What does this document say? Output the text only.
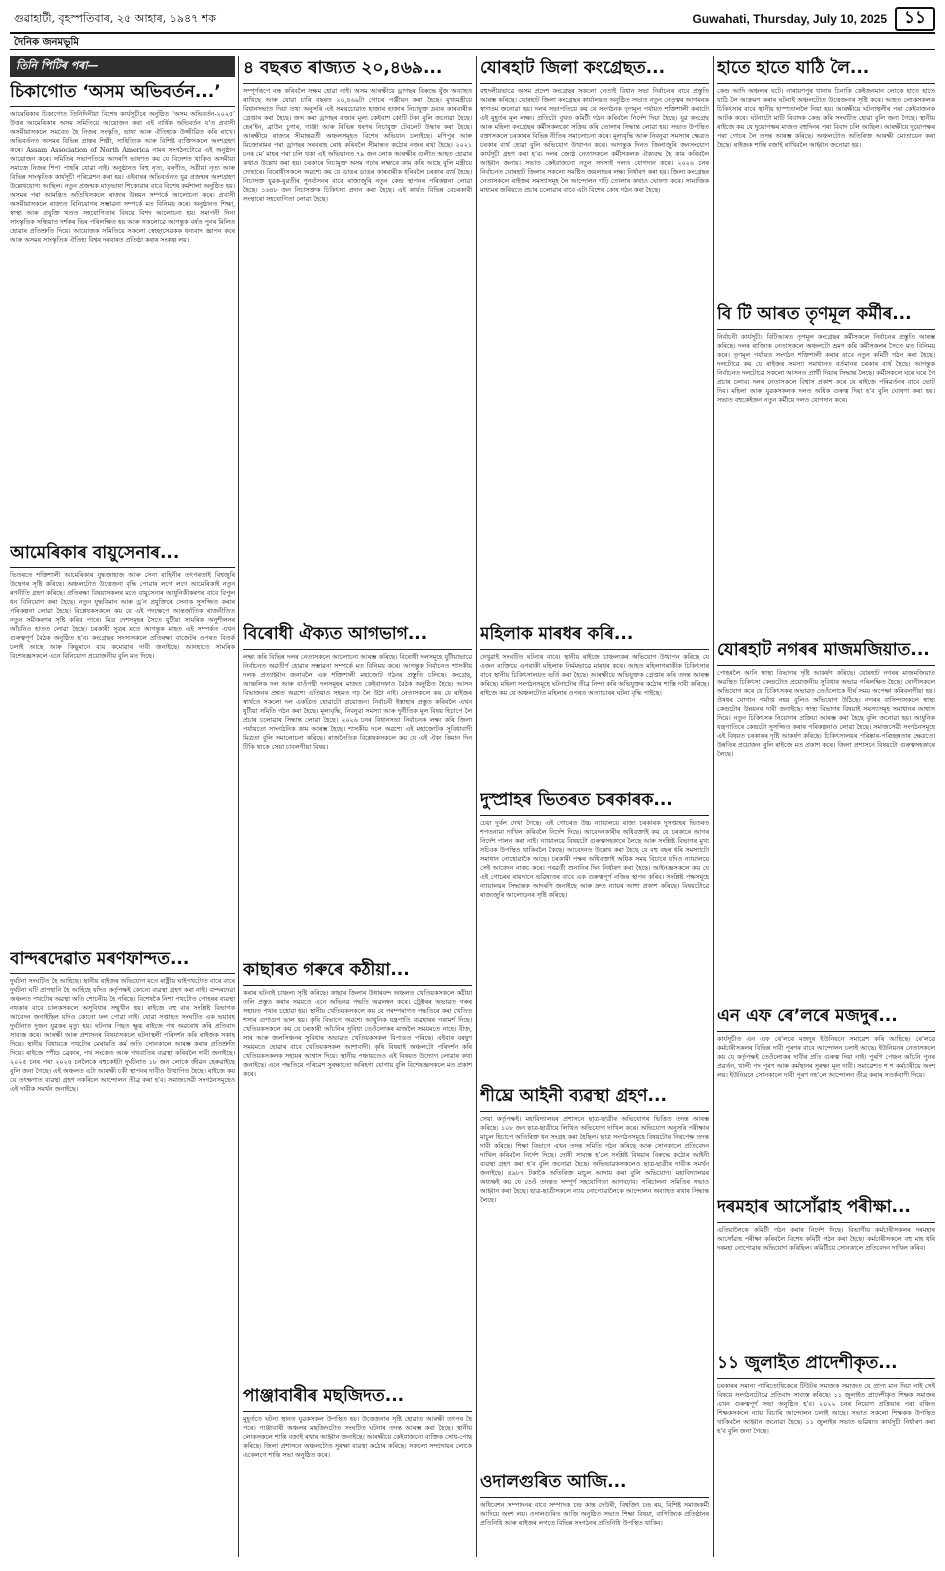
গুৱাহাটী, বৃহস্পতিবাৰ, ২৫ আহাৰ, ১৯৪৭ শক	Guwahati, Thursday, July 10, 2025 ১১
দৈনিক জনমভূমি
তিনি পিটিৰ পৰা—
চিকাগোত ‘অসম অভিবৰ্তন...’
আমেৰিকাৰ চিকাগোত তিনিদিনীয়া বিশেষ কাৰ্যসূচীৰে অনুষ্ঠিত ‘অসম অভিবৰ্তন-২০২৫’ উত্তৰ আমেৰিকাৰ অসম সমিতিয়ে আয়োজন কৰা এই বাৰ্ষিক অভিবৰ্তন য’ত প্ৰবাসী অসমীয়াসকলে সমবেত হৈ নিজৰ সংস্কৃতি, ভাষা আৰু ঐতিহ্যক উজ্জীৱিত কৰি ৰাখে। অভিবৰ্তনত অসমৰ বিভিন্ন প্ৰান্তৰ শিল্পী, সাহিত্যিক আৰু বিশিষ্ট ব্যক্তিসকলে অংশগ্ৰহণ কৰে। Assam Association of North America নামৰ সংগঠনটোৱে এই অনুষ্ঠান আয়োজন কৰে। সমিতিৰ সভাপতিয়ে আদৰণি ভাষণত কয় যে বিদেশত থাকিও অসমীয়া সমাজে নিজৰ শিপা পাহৰি যোৱা নাই। অনুষ্ঠানত বিহু নৃত্য, বৰগীত, সত্ৰীয়া নৃত্য আৰু বিভিন্ন সাংস্কৃতিক কাৰ্যসূচী পৰিৱেশন কৰা হয়। এইবাৰৰ অভিবৰ্তনত যুৱ প্ৰজন্মৰ অংশগ্ৰহণ উল্লেখযোগ্য আছিল। নতুন প্ৰজন্মক মাতৃভাষা শিকোৱাৰ বাবে বিশেষ কৰ্মশালা অনুষ্ঠিত হয়। অসমৰ পৰা আমন্ত্ৰিত অতিথিসকলে ৰাজ্যৰ উন্নয়ন সম্পৰ্কে আলোচনা কৰে। প্ৰবাসী অসমীয়াসকলে ৰাজ্যত বিনিয়োগৰ সম্ভাৱনা সম্পৰ্কে মত বিনিময় কৰে। অনুষ্ঠানত শিক্ষা, স্বাস্থ্য আৰু প্ৰযুক্তি খণ্ডত সহযোগিতাৰ বিষয়ে বিশদ আলোচনা হয়। সমাপনী দিনা সাংস্কৃতিক সন্ধিয়াত দৰ্শকৰ ভিৰ পৰিলক্ষিত হয় আৰু সকলোৱে আগন্তুক বৰ্ষত পুনৰ মিলিত হোৱাৰ প্ৰতিশ্ৰুতি দিয়ে। আয়োজক সমিতিয়ে সকলো স্বেচ্ছাসেৱকক ধন্যবাদ জ্ঞাপন কৰে আৰু অসমৰ সাংস্কৃতিক ঐতিহ্য বিশ্বৰ দৰবাৰত প্ৰতিষ্ঠা কৰাৰ সংকল্প লয়।
আমেৰিকাৰ বায়ুসেনাৰ...
ভিতৰতে শক্তিশালী আমেৰিকাৰ যুদ্ধজাহাজ আৰু সেনা বাহিনীৰ তৎপৰতাই বিশ্বজুৰি উদ্বেগৰ সৃষ্টি কৰিছে। অঞ্চলটোত উত্তেজনা বৃদ্ধি পোৱাৰ লগে লগে আমেৰিকাই নতুন ৰণনীতি গ্ৰহণ কৰিছে। প্ৰতিৰক্ষা বিষয়াসকলৰ মতে বায়ুসেনাৰ আধুনিকীকৰণৰ বাবে বিপুল ধন বিনিয়োগ কৰা হৈছে। নতুন যুদ্ধবিমান আৰু ড্ৰ’ন প্ৰযুক্তিৰে সেনাক সুসজ্জিত কৰাৰ পৰিকল্পনা লোৱা হৈছে। বিশ্লেষকসকলে কয় যে এই পদক্ষেপে আন্তৰ্জাতিক ৰাজনীতিত নতুন সমীকৰণৰ সৃষ্টি কৰিব পাৰে। মিত্ৰ দেশসমূহৰ সৈতে যুটীয়া সামৰিক অনুশীলনৰ আঁচনিও হাতত লোৱা হৈছে। চৰকাৰী সূত্ৰৰ মতে আগন্তুক মাহত এই সম্পৰ্কত এখন গুৰুত্বপূৰ্ণ বৈঠক অনুষ্ঠিত হ’ব। কংগ্ৰেছৰ সদস্যসকলে প্ৰতিৰক্ষা বাজেটৰ ওপৰত বিতৰ্ক চলাই আছে আৰু কিছুমানে ব্যয় কমোৱাৰ দাবী জনাইছে। আনহাতে সামৰিক বিশেষজ্ঞসকলে এনে বিনিয়োগ প্ৰয়োজনীয় বুলি মত দিছে।
বান্দৰদেৱাত মৰণফান্দত...
দুৰ্ঘটনা সংঘটিত হৈ আহিছে। স্থানীয় ৰাইজৰ অভিযোগ মতে ৰাষ্ট্ৰীয় ঘাইপথটোত বাৰে বাৰে দুৰ্ঘটনা ঘটি প্ৰাণহানি হৈ আহিছে যদিও কৰ্তৃপক্ষই কোনো ব্যৱস্থা গ্ৰহণ কৰা নাই। বান্দৰদেৱা অঞ্চলত পথটোৰ অৱস্থা অতি শোচনীয় হৈ পৰিছে। বিশেষকৈ নিশা পথটোত পোহৰৰ ব্যৱস্থা নথকাৰ বাবে চালকসকলে অসুবিধাৰ সন্মুখীন হয়। ৰাইজে বহু বাৰ সংশ্লিষ্ট বিভাগক আবেদন জনাইছিল যদিও কোনো ফল পোৱা নাই। যোৱা সপ্তাহত সংঘটিত এক ভয়াবহ দুৰ্ঘটনাত দুজন যুৱকৰ মৃত্যু হয়। ঘটনাৰ পিছত ক্ষুব্ধ ৰাইজে পথ অৱৰোধ কৰি প্ৰতিবাদ সাব্যস্ত কৰে। আৰক্ষী আৰু প্ৰশাসনৰ বিষয়াসকলে ঘটনাস্থলী পৰিদৰ্শন কৰি ৰাইজক সকাহ দিয়ে। স্থানীয় বিধায়কে পথটোৰ মেৰামতি কৰ্ম অতি সোনকালে আৰম্ভ কৰাৰ প্ৰতিশ্ৰুতি দিয়ে। ৰাইজে স্পীড ব্ৰেকাৰ, পথ সংকেত আৰু পথবাতিৰ ব্যৱস্থা কৰিবলৈ দাবী জনাইছে। ২০২৫ চনৰ পৰা ২০২৫ চনলৈকে বহুকেইটা দুৰ্ঘটনাত ১৮ জন লোকে জীৱন হেৰুৱাইছে বুলি জনা গৈছে। এই অঞ্চলত এটা আৰক্ষী চকী স্থাপনৰ দাবীও উত্থাপিত হৈছে। ৰাইজে কয় যে তৎক্ষণাত ব্যৱস্থা গ্ৰহণ নকৰিলে আন্দোলন তীব্ৰ কৰা হ’ব। সমাজসেৱী সংগঠনসমূহেও এই দাবীক সমৰ্থন জনাইছে।
৪ বছৰত ৰাজ্যত ২০,৪৬৯...
সম্পূৰ্ণৰূপে বন্ধ কৰিবলৈ সক্ষম হোৱা নাই। অসম আৰক্ষীয়ে ড্ৰাগছৰ বিৰুদ্ধে যুঁজ অব্যাহত ৰাখিছে আৰু যোৱা চাৰি বছৰত ২০,৪৬৯টা গোচৰ পঞ্জীয়ন কৰা হৈছে। মুখ্যমন্ত্ৰীয়ে বিধানসভাত দিয়া তথ্য অনুসৰি এই সময়চোৱাত হাজাৰ হাজাৰ নিচাযুক্ত দ্ৰব্যৰ কাৰবাৰীক গ্ৰেপ্তাৰ কৰা হৈছে। জব্দ কৰা ড্ৰাগছৰ বজাৰ মূল্য কেইবাশ কোটি টকা বুলি জনোৱা হৈছে। হেৰ’ইন, ব্ৰাউন চুগাৰ, গাঞ্জা আৰু বিভিন্ন ধৰণৰ নিচাযুক্ত টেবলেট উদ্ধাৰ কৰা হৈছে। আৰক্ষীয়ে ৰাজ্যৰ সীমান্তৱৰ্তী অঞ্চলসমূহত বিশেষ অভিযান চলাইছে। মণিপুৰ আৰু মিজোৰামৰ পৰা ড্ৰাগছৰ সৰবৰাহ ৰোধ কৰিবলৈ সীমান্তত কঠোৰ নজৰ ৰখা হৈছে। ২০২১ চনৰ মে’ মাহৰ পৰা চলি থকা এই অভিযানত ৭৯ জন লোক আৰক্ষীৰ গুলীত আহত হোৱাৰ কথাও উল্লেখ কৰা হয়। চৰকাৰে নিচামুক্ত অসম গঢ়াৰ লক্ষ্যৰে কাম কৰি আছে বুলি মন্ত্ৰীয়ে দোহাৰে। বিৰোধীসকলে অৱশ্যে কয় যে ডাঙৰ ডাঙৰ কাৰবাৰীক ধৰিবলৈ চৰকাৰ ব্যৰ্থ হৈছে। নিচাসক্ত যুৱক-যুৱতীৰ পুনৰ্বাসনৰ বাবে ৰাজ্যজুৰি নতুন কেন্দ্ৰ স্থাপনৰ পৰিকল্পনা লোৱা হৈছে। ১৬৪৮ জন নিচাসক্তক চিকিৎসা প্ৰদান কৰা হৈছে। এই কাৰ্যত বিভিন্ন বেচৰকাৰী সংস্থাৰো সহযোগিতা লোৱা হৈছে।
বিৰোধী ঐক্যত আগভাগ...
লক্ষ্য কৰি বিভিন্ন দলৰ নেতাসকলে আলোচনা আৰম্ভ কৰিছে। বিৰোধী দলসমূহে যুটীয়াভাৱে নিৰ্বাচনত অৱতীৰ্ণ হোৱাৰ সম্ভাৱনা সম্পৰ্কে মত বিনিময় কৰে। আগন্তুক নিৰ্বাচনত শাসকীয় দলক প্ৰত্যাহ্বান জনাবলৈ এক শক্তিশালী মহাজোট গঠনৰ প্ৰস্তুতি চলিছে। কংগ্ৰেছ, আঞ্চলিক দল আৰু বাওঁপন্থী দলসমূহৰ মাজত কেইবাদফাও বৈঠক অনুষ্ঠিত হৈছে। আসন বিভাজনৰ প্ৰশ্নত অৱশ্যে এতিয়াও সহমত গঢ় লৈ উঠা নাই। নেতাসকলে কয় যে ৰাইজৰ স্বাৰ্থতে সকলো দল একত্ৰিত হোৱাটো প্ৰয়োজন। নিৰ্বাচনী ইস্তাহাৰ প্ৰস্তুত কৰিবলৈ এখন যুটীয়া সমিতি গঠন কৰা হৈছে। মূল্যবৃদ্ধি, নিবনুৱা সমস্যা আৰু দুৰ্নীতিক মূল বিষয় হিচাপে লৈ প্ৰচাৰ চলোৱাৰ সিদ্ধান্ত লোৱা হৈছে। ২০২৬ চনৰ বিধানসভা নিৰ্বাচনক লক্ষ্য কৰি জিলা পৰ্যায়তো সাংগঠনিক কাম আৰম্ভ হৈছে। শাসকীয় দলে অৱশ্যে এই মহাজোটক সুবিধাবাদী মিত্ৰতা বুলি সমালোচনা কৰিছে। ৰাজনৈতিক বিশ্লেষকসকলে কয় যে এই ঐক্য কিমান দিন টিকি থাকে সেয়া চাবলগীয়া বিষয়।
কাছাৰত গৰুৰে কঠীয়া...
কৰাৰ ঘটনাই চাঞ্চল্য সৃষ্টি কৰিছে। কাছাৰ জিলাৰ উধাৰবন্দ অঞ্চলত খেতিয়কসকলে কঠীয়া তলি প্ৰস্তুত কৰাৰ সময়তে এনে অভিনৱ পদ্ধতি অৱলম্বন কৰে। ট্ৰেক্টৰৰ অভাৱত গৰুৰ সহায়ত পথাৰ চহোৱা হয়। স্থানীয় খেতিয়কসকলে কয় যে পৰম্পৰাগত পদ্ধতিৰে কৰা খেতিত শস্যৰ গুণাগুণ ভাল হয়। কৃষি বিভাগে অৱশ্যে আধুনিক যন্ত্ৰপাতি ব্যৱহাৰৰ পৰামৰ্শ দিছে। খেতিয়কসকলে কয় যে চৰকাৰী আঁচনিৰ সুবিধা তেওঁলোকৰ মাজলৈ সময়মতে নাহে। বীজ, সাৰ আৰু জলসিঞ্চনৰ সুবিধাৰ অভাৱত খেতিয়কসকল বিপাঙত পৰিছে। এইবাৰ বৰষুণ সময়মতে হোৱাৰ বাবে খেতিয়কসকল আশাবাদী। কৃষি বিষয়াই অঞ্চলটো পৰিদৰ্শন কৰি খেতিয়কসকলক সহায়ৰ আশ্বাস দিয়ে। স্থানীয় পঞ্চায়তেও এই বিষয়ত উদ্যোগ লোৱাৰ কথা জনাইছে। এনে পদ্ধতিয়ে পৰিৱেশ সুৰক্ষাতো অৰিহণা যোগায় বুলি বিশেষজ্ঞসকলে মত প্ৰকাশ কৰে।
পাঞ্জাবাৰীৰ মছজিদত...
মুহূৰ্ততে ঘটনা স্থানত যুৱকসকল উপস্থিত হয়। উত্তেজনাৰ সৃষ্টি হোৱাত আৰক্ষী তৎপৰ হৈ পৰে। পাঞ্জাবাৰী অঞ্চলৰ মছজিদটোত সংঘটিত ঘটনাৰ তদন্ত আৰম্ভ কৰা হৈছে। স্থানীয় লোকসকলে শান্তি বজাই ৰখাৰ আহ্বান জনাইছে। আৰক্ষীয়ে কেইবাজনো ব্যক্তিক সোধ-পোছ কৰিছে। জিলা প্ৰশাসনে অঞ্চলটোত সুৰক্ষা ব্যৱস্থা কঠোৰ কৰিছে। সকলো সম্প্ৰদায়ৰ লোকে একেলগে শান্তি সভা অনুষ্ঠিত কৰে।
যোৰহাট জিলা কংগ্ৰেছত...
বহুদলীয়ভাৱে অসম প্ৰদেশ কংগ্ৰেছৰ সকলো নেতাই বিধান সভা নিৰ্বাচনৰ বাবে প্ৰস্তুতি আৰম্ভ কৰিছে। যোৰহাট জিলা কংগ্ৰেছৰ কাৰ্যালয়ত অনুষ্ঠিত সভাত নতুন নেতৃত্বৰ আগমনক স্বাগতম জনোৱা হয়। দলৰ সভাপতিয়ে কয় যে সংগঠনক তৃণমূল পৰ্যায়ত শক্তিশালী কৰাটো এই মুহূৰ্তৰ মূল লক্ষ্য। প্ৰতিটো বুথত কমিটী গঠন কৰিবলৈ নিৰ্দেশ দিয়া হৈছে। যুৱ কংগ্ৰেছ আৰু মহিলা কংগ্ৰেছৰ কৰ্মীসকলকো সক্ৰিয় কৰি তোলাৰ সিদ্ধান্ত লোৱা হয়। সভাত উপস্থিত বক্তাসকলে চৰকাৰৰ বিভিন্ন নীতিৰ সমালোচনা কৰে। মূল্যবৃদ্ধি আৰু নিবনুৱা সমস্যাৰ ক্ষেত্ৰত চৰকাৰ ব্যৰ্থ হোৱা বুলি অভিযোগ উত্থাপন কৰে। আগন্তুক দিনত জিলাজুৰি জনসংযোগ কাৰ্যসূচী গ্ৰহণ কৰা হ’ব। দলৰ জ্যেষ্ঠ নেতাসকলে কৰ্মীসকলক ঐক্যবদ্ধ হৈ কাম কৰিবলৈ আহ্বান জনায়। সভাত কেইবাজনো নতুন সদস্যই দলত যোগদান কৰে। ২০২৬ চনৰ নিৰ্বাচনত যোৰহাট জিলাৰ সকলো সমষ্টিত জয়লাভৰ লক্ষ্য নিৰ্ধাৰণ কৰা হয়। জিলা কংগ্ৰেছৰ নেতাসকলে ৰাইজৰ সমস্যাসমূহ লৈ আন্দোলন গঢ়ি তোলাৰ কথাও ঘোষণা কৰে। সামাজিক মাধ্যমৰ জৰিয়তে প্ৰচাৰ চলোৱাৰ বাবে এটা বিশেষ কোষ গঠন কৰা হৈছে।
মহিলাক মাৰধৰ কৰি...
দেখুৱাই সংঘটিত ঘটনাৰ বাবে। স্থানীয় ৰাইজে চাঞ্চল্যকৰ অভিযোগ উত্থাপন কৰিছে যে এজন ব্যক্তিয়ে এগৰাকী মহিলাক নিৰ্মমভাৱে মাৰধৰ কৰে। আহত মহিলাগৰাকীক চিকিৎসাৰ বাবে স্থানীয় চিকিৎসালয়ত ভৰ্তি কৰা হৈছে। আৰক্ষীয়ে অভিযুক্তক গ্ৰেপ্তাৰ কৰি তদন্ত আৰম্ভ কৰিছে। মহিলা সংগঠনসমূহে ঘটনাটোৰ তীব্ৰ নিন্দা কৰি অভিযুক্তৰ কঠোৰ শাস্তি দাবী কৰিছে। ৰাইজে কয় যে অঞ্চলটোত মহিলাৰ ওপৰত অত্যাচাৰৰ ঘটনা বৃদ্ধি পাইছে।
দুস্প্ৰাহৰ ভিতৰত চৰকাৰক...
চেয়া দুৰ্বল দেখা গৈছে। এই গোচৰত উচ্চ ন্যায়ালয়ে ৰাজ্য চৰকাৰক দুসপ্তাহৰ ভিতৰত শপতনামা দাখিল কৰিবলৈ নিৰ্দেশ দিছে। আবেদনকাৰীৰ অধিবক্তাই কয় যে চৰকাৰে আগৰ নিৰ্দেশ পালন কৰা নাই। ন্যায়ালয়ে বিষয়টো গুৰুত্বসহকাৰে লৈছে আৰু সংশ্লিষ্ট বিভাগৰ মুখ্য সচিবক উপস্থিত থাকিবলৈ কৈছে। আবেদনত উল্লেখ কৰা হৈছে যে বহু বছৰ ধৰি সমস্যাটো সমাধান নোহোৱাকৈ আছে। চৰকাৰী পক্ষৰ অধিবক্তাই অধিক সময় বিচাৰে যদিও ন্যায়ালয়ে সেই আবেদন নাকচ কৰে। পৰৱৰ্তী শুনানিৰ দিন নিৰ্ধাৰণ কৰা হৈছে। আইনজ্ঞসকলে কয় যে এই গোচৰৰ ৰায়দানে ভৱিষ্যতৰ বাবে এক গুৰুত্বপূৰ্ণ নজিৰ স্থাপন কৰিব। সংশ্লিষ্ট পক্ষসমূহে ন্যায়ালয়ৰ সিদ্ধান্তক আদৰণি জনাইছে আৰু দ্ৰুত ন্যায়ৰ আশা প্ৰকাশ কৰিছে। বিষয়টোৱে ৰাজ্যজুৰি আলোড়নৰ সৃষ্টি কৰিছে।
শীঘ্ৰে আইনী ব্যৱস্থা গ্ৰহণ...
সেয়া কৰ্তৃপক্ষই। মহাবিদ্যালয়ৰ প্ৰশাসনে ছাত্ৰ-ছাত্ৰীৰ অভিযোগৰ ভিত্তিত তদন্ত আৰম্ভ কৰিছে। ১০৮ জন ছাত্ৰ-ছাত্ৰীয়ে লিখিত অভিযোগ দাখিল কৰে। অভিযোগ অনুসৰি পৰীক্ষাৰ মাচুল হিচাপে অতিৰিক্ত ধন সংগ্ৰহ কৰা হৈছিল। ছাত্ৰ সংগঠনসমূহে বিষয়টোৰ নিৰপেক্ষ তদন্ত দাবী কৰিছে। শিক্ষা বিভাগে এখন তদন্ত সমিতি গঠন কৰিছে আৰু সোনকালে প্ৰতিবেদন দাখিল কৰিবলৈ নিৰ্দেশ দিছে। দোষী সাব্যস্ত হ’লে সংশ্লিষ্ট বিষয়াৰ বিৰুদ্ধে কঠোৰ আইনী ব্যৱস্থা গ্ৰহণ কৰা হ’ব বুলি জনোৱা হৈছে। অভিভাৱকসকলেও ছাত্ৰ-ছাত্ৰীৰ দাবীক সমৰ্থন জনাইছে। ৪৯৮৭ টকাকৈ অতিৰিক্ত মাচুল আদায় কৰা বুলি অভিযোগ। মহাবিদ্যালয়ৰ অধ্যক্ষই কয় যে তেওঁ তদন্তত সম্পূৰ্ণ সহযোগিতা আগবঢ়াব। পৰিচালনা সমিতিৰ সভাও আহ্বান কৰা হৈছে। ছাত্ৰ-ছাত্ৰীসকলে ন্যায় নোপোৱালৈকে আন্দোলন অব্যাহত ৰখাৰ সিদ্ধান্ত লৈছে।
ওদালগুৰিত আজি...
অধিবেশন সম্পাদনৰ বাবে সম্পাদক চন্দ্ৰ কান্ত দেউৰী, বিশ্বজিৎ চন্দ্ৰ ৰয়, বিশিষ্ট সমাজকৰ্মী আদিয়ে অংশ লয়। ওদালগুৰিত আজি অনুষ্ঠিত সভাত শিক্ষা বিষয়া, বাণিজ্যিক প্ৰতিষ্ঠানৰ প্ৰতিনিধি আৰু ৰাইজৰ লগতে বিভিন্ন সংগঠনৰ প্ৰতিনিধি উপস্থিত থাকিব।
হাতে হাতে যাঠি লৈ...
কেন্দ্ৰ আদি অঞ্চলৰ ঘটে। নাৰায়ণপুৰ থানাৰ চিনাকি কেইজনমান লোকে হাতে হাতে যাঠি লৈ আক্ৰমণ কৰাৰ ঘটনাই অঞ্চলটোত উত্তেজনাৰ সৃষ্টি কৰে। আহত লোকসকলক চিকিৎসাৰ বাবে স্থানীয় হাস্পতাললৈ নিয়া হয়। আৰক্ষীয়ে ঘটনাস্থলীৰ পৰা কেইবাজনক আটক কৰে। ঘটনাটো মাটি বিবাদক কেন্দ্ৰ কৰি সংঘটিত হোৱা বুলি জনা গৈছে। স্থানীয় ৰাইজে কয় যে দুয়োপক্ষৰ মাজত বহুদিনৰ পৰা বিবাদ চলি আছিল। আৰক্ষীয়ে দুয়োপক্ষৰ পৰা গোচৰ লৈ তদন্ত আৰম্ভ কৰিছে। অঞ্চলটোত অতিৰিক্ত আৰক্ষী মোতায়েন কৰা হৈছে। ৰাইজক শান্তি বজাই ৰাখিবলৈ আহ্বান জনোৱা হয়।
বি টি আৰত তৃণমূল কৰ্মীৰ...
নিৰ্বাচনী কাৰ্যসূচী। বিটিআৰত তৃণমূল কংগ্ৰেছৰ কৰ্মীসকলে নিৰ্বাচনৰ প্ৰস্তুতি আৰম্ভ কৰিছে। দলৰ ৰাজ্যিক নেতাসকলে অঞ্চলটো ভ্ৰমণ কৰি কৰ্মীসকলৰ সৈতে মত বিনিময় কৰে। তৃণমূল পৰ্যায়ত সংগঠন শক্তিশালী কৰাৰ বাবে নতুন কমিটী গঠন কৰা হৈছে। দলটোৱে কয় যে ৰাইজৰ সমস্যা সমাধানত বৰ্তমানৰ চৰকাৰ ব্যৰ্থ হৈছে। আগন্তুক নিৰ্বাচনত দলটোৱে সকলো আসনত প্ৰাৰ্থী দিয়াৰ সিদ্ধান্ত লৈছে। কৰ্মীসকলে ঘৰে ঘৰে গৈ প্ৰচাৰ চলাব। দলৰ নেতাসকলে বিশ্বাস প্ৰকাশ কৰে যে ৰাইজে পৰিৱৰ্তনৰ বাবে ভোট দিব। মহিলা আৰু যুৱকসকলক দলত অধিক গুৰুত্ব দিয়া হ’ব বুলি ঘোষণা কৰা হয়। সভাত বহুকেইজন নতুন কৰ্মীয়ে দলত যোগদান কৰে।
যোৰহাট নগৰৰ মাজমজিয়াত...
পোহৰলৈ আনি স্বাস্থ্য বিভাগৰ দৃষ্টি আকৰ্ষণ কৰিছে। যোৰহাট নগৰৰ মাজমজিয়াত অৱস্থিত চিকিৎসা কেন্দ্ৰটোত প্ৰয়োজনীয় সুবিধাৰ অভাৱ পৰিলক্ষিত হৈছে। ৰোগীসকলে অভিযোগ কৰে যে চিকিৎসকৰ অভাৱত তেওঁলোকে দীৰ্ঘ সময় অপেক্ষা কৰিবলগীয়া হয়। ঔষধৰ যোগান পৰ্যাপ্ত নহয় বুলিও অভিযোগ উঠিছে। নগৰৰ বাসিন্দাসকলে স্বাস্থ্য কেন্দ্ৰটোৰ উন্নয়নৰ দাবী জনাইছে। স্বাস্থ্য বিভাগৰ বিষয়াই সমস্যাসমূহ সমাধানৰ আশ্বাস দিয়ে। নতুন চিকিৎসক নিয়োগৰ প্ৰক্ৰিয়া আৰম্ভ কৰা হৈছে বুলি জনোৱা হয়। আধুনিক যন্ত্ৰপাতিৰে কেন্দ্ৰটো সুসজ্জিত কৰাৰ পৰিকল্পনাও লোৱা হৈছে। সমাজসেৱী সংগঠনসমূহে এই বিষয়ত চৰকাৰৰ দৃষ্টি আকৰ্ষণ কৰিছে। চিকিৎসালয়ৰ পৰিষ্কাৰ-পৰিচ্ছন্নতাৰ ক্ষেত্ৰতো উন্নতিৰ প্ৰয়োজন বুলি ৰাইজে মত প্ৰকাশ কৰে। জিলা প্ৰশাসনে বিষয়টো গুৰুত্বসহকাৰে লৈছে।
এন এফ ৰে’লৰে মজদুৰ...
কাৰ্যসূচীত এন এফ ৰে’লৰে মজদুৰ ইউনিয়নে সমাৱেশ কৰি আহিছে। ৰে’লৱে কৰ্মচাৰীসকলৰ বিভিন্ন দাবী পূৰণৰ বাবে আন্দোলন চলাই আছে। ইউনিয়নৰ নেতাসকলে কয় যে কৰ্তৃপক্ষই তেওঁলোকৰ দাবীৰ প্ৰতি গুৰুত্ব দিয়া নাই। পুৰণি পেঞ্চন আঁচনি পুনৰ প্ৰৱৰ্তন, খালী পদ পূৰণ আৰু কৰ্মস্থানৰ সুৰক্ষা মূল দাবী। সমাৱেশত শ শ কৰ্মচাৰীয়ে অংশ লয়। ইউনিয়নে সোনকালে দাবী পূৰণ নহ’লে আন্দোলন তীব্ৰ কৰাৰ সতৰ্কবাণী দিয়ে।
দৰমহাৰ আসোঁৱাহ পৰীক্ষা...
এতিয়ালৈকে কমিটী গঠন কৰাৰ নিৰ্দেশ দিছে। বিভাগীয় কৰ্মচাৰীসকলৰ দৰমহাৰ আসোঁৱাহ পৰীক্ষা কৰিবলৈ বিশেষ কমিটী গঠন কৰা হৈছে। কৰ্মচাৰীসকলে বহু মাহ ধৰি দৰমহা নোপোৱাৰ অভিযোগ কৰিছিল। কমিটীয়ে সোনকালে প্ৰতিবেদন দাখিল কৰিব।
১১ জুলাইত প্ৰাদেশীকৃত...
চৰকাৰৰ সমান্য পাৰিতোষিকেৰে টিউটৰ সমাজক সমাজত যে প্ৰাপ্য মান দিয়া নাই সেই বিষয়ে সংগঠনটোৱে প্ৰতিবাদ সাব্যস্ত কৰিছে। ১১ জুলাইত প্ৰাদেশীকৃত শিক্ষক সমাজৰ এখন গুৰুত্বপূৰ্ণ সভা অনুষ্ঠিত হ’ব। ২০২২ চনৰ নিয়োগ প্ৰক্ৰিয়াৰ পৰা বঞ্চিত শিক্ষকসকলে ন্যায় বিচাৰি আন্দোলন চলাই আছে। সভাত সকলো শিক্ষকক উপস্থিত থাকিবলৈ আহ্বান জনোৱা হৈছে। ১১ জুলাইৰ সভাত ভৱিষ্যত কাৰ্যসূচী নিৰ্ধাৰণ কৰা হ’ব বুলি জনা গৈছে।
